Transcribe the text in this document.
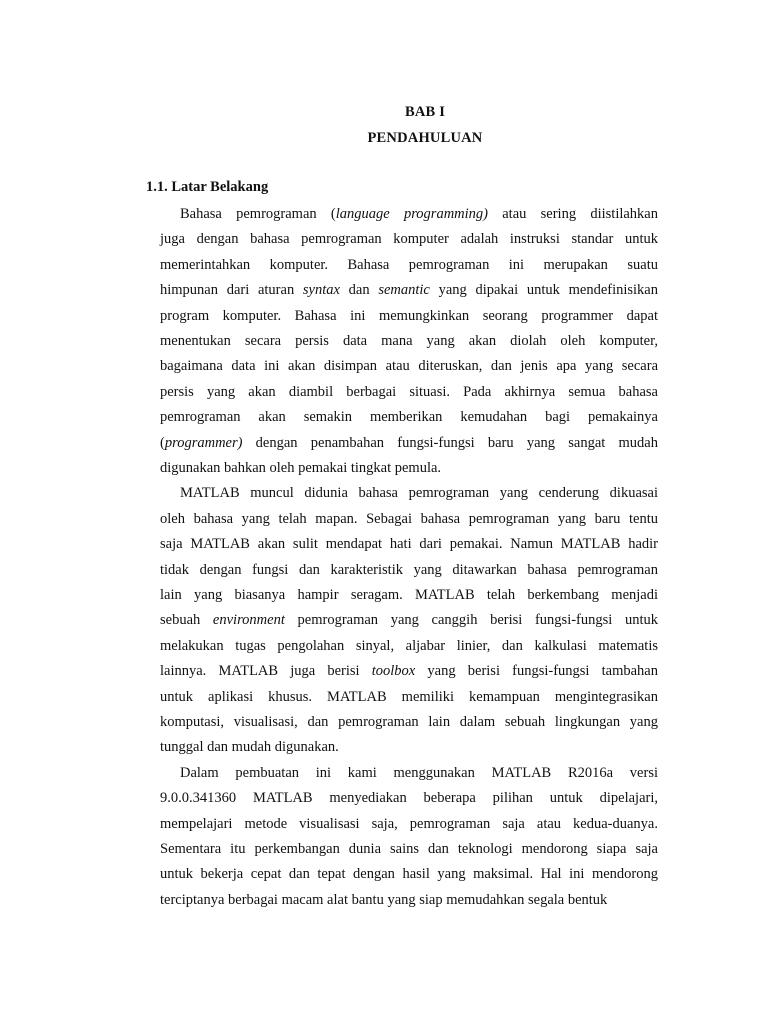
BAB I
PENDAHULUAN
1.1. Latar Belakang
Bahasa pemrograman (language programming) atau sering diistilahkan
juga dengan bahasa pemrograman komputer adalah instruksi standar untuk
memerintahkan komputer. Bahasa pemrograman ini merupakan suatu
himpunan dari aturan syntax dan semantic yang dipakai untuk mendefinisikan
program komputer. Bahasa ini memungkinkan seorang programmer dapat
menentukan secara persis data mana yang akan diolah oleh komputer,
bagaimana data ini akan disimpan atau diteruskan, dan jenis apa yang secara
persis yang akan diambil berbagai situasi. Pada akhirnya semua bahasa
pemrograman akan semakin memberikan kemudahan bagi pemakainya
(programmer) dengan penambahan fungsi-fungsi baru yang sangat mudah
digunakan bahkan oleh pemakai tingkat pemula.
MATLAB muncul didunia bahasa pemrograman yang cenderung dikuasai
oleh bahasa yang telah mapan. Sebagai bahasa pemrograman yang baru tentu
saja MATLAB akan sulit mendapat hati dari pemakai. Namun MATLAB hadir
tidak dengan fungsi dan karakteristik yang ditawarkan bahasa pemrograman
lain yang biasanya hampir seragam. MATLAB telah berkembang menjadi
sebuah environment pemrograman yang canggih berisi fungsi-fungsi untuk
melakukan tugas pengolahan sinyal, aljabar linier, dan kalkulasi matematis
lainnya. MATLAB juga berisi toolbox yang berisi fungsi-fungsi tambahan
untuk aplikasi khusus. MATLAB memiliki kemampuan mengintegrasikan
komputasi, visualisasi, dan pemrograman lain dalam sebuah lingkungan yang
tunggal dan mudah digunakan.
Dalam pembuatan ini kami menggunakan MATLAB R2016a versi
9.0.0.341360 MATLAB menyediakan beberapa pilihan untuk dipelajari,
mempelajari metode visualisasi saja, pemrograman saja atau kedua-duanya.
Sementara itu perkembangan dunia sains dan teknologi mendorong siapa saja
untuk bekerja cepat dan tepat dengan hasil yang maksimal. Hal ini mendorong
terciptanya berbagai macam alat bantu yang siap memudahkan segala bentuk
